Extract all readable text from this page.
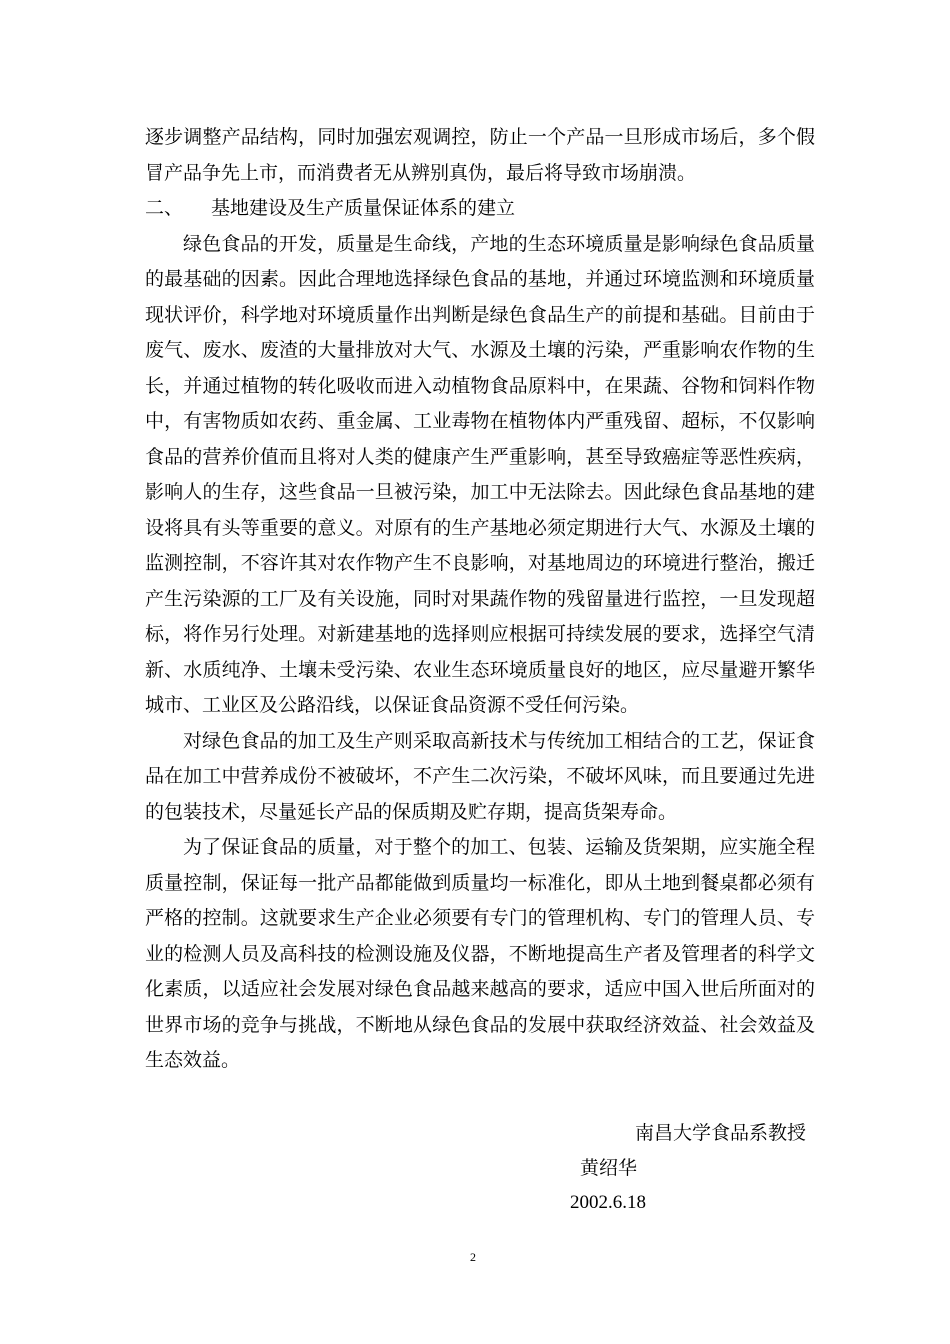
逐步调整产品结构，同时加强宏观调控，防止一个产品一旦形成市场后，多个假冒产品争先上市，而消费者无从辨别真伪，最后将导致市场崩溃。

二、 基地建设及生产质量保证体系的建立

绿色食品的开发，质量是生命线，产地的生态环境质量是影响绿色食品质量的最基础的因素。因此合理地选择绿色食品的基地，并通过环境监测和环境质量现状评价，科学地对环境质量作出判断是绿色食品生产的前提和基础。目前由于废气、废水、废渣的大量排放对大气、水源及土壤的污染，严重影响农作物的生长，并通过植物的转化吸收而进入动植物食品原料中，在果蔬、谷物和饲料作物中，有害物质如农药、重金属、工业毒物在植物体内严重残留、超标，不仅影响食品的营养价值而且将对人类的健康产生严重影响，甚至导致癌症等恶性疾病，影响人的生存，这些食品一旦被污染，加工中无法除去。因此绿色食品基地的建设将具有头等重要的意义。对原有的生产基地必须定期进行大气、水源及土壤的监测控制，不容许其对农作物产生不良影响，对基地周边的环境进行整治，搬迁产生污染源的工厂及有关设施，同时对果蔬作物的残留量进行监控，一旦发现超标，将作另行处理。对新建基地的选择则应根据可持续发展的要求，选择空气清新、水质纯净、土壤未受污染、农业生态环境质量良好的地区，应尽量避开繁华城市、工业区及公路沿线，以保证食品资源不受任何污染。

对绿色食品的加工及生产则采取高新技术与传统加工相结合的工艺，保证食品在加工中营养成份不被破坏，不产生二次污染，不破坏风味，而且要通过先进的包装技术，尽量延长产品的保质期及贮存期，提高货架寿命。

为了保证食品的质量，对于整个的加工、包装、运输及货架期，应实施全程质量控制，保证每一批产品都能做到质量均一标准化，即从土地到餐桌都必须有严格的控制。这就要求生产企业必须要有专门的管理机构、专门的管理人员、专业的检测人员及高科技的检测设施及仪器，不断地提高生产者及管理者的科学文化素质，以适应社会发展对绿色食品越来越高的要求，适应中国入世后所面对的世界市场的竞争与挑战，不断地从绿色食品的发展中获取经济效益、社会效益及生态效益。

南昌大学食品系教授
黄绍华
2002.6.18
2
